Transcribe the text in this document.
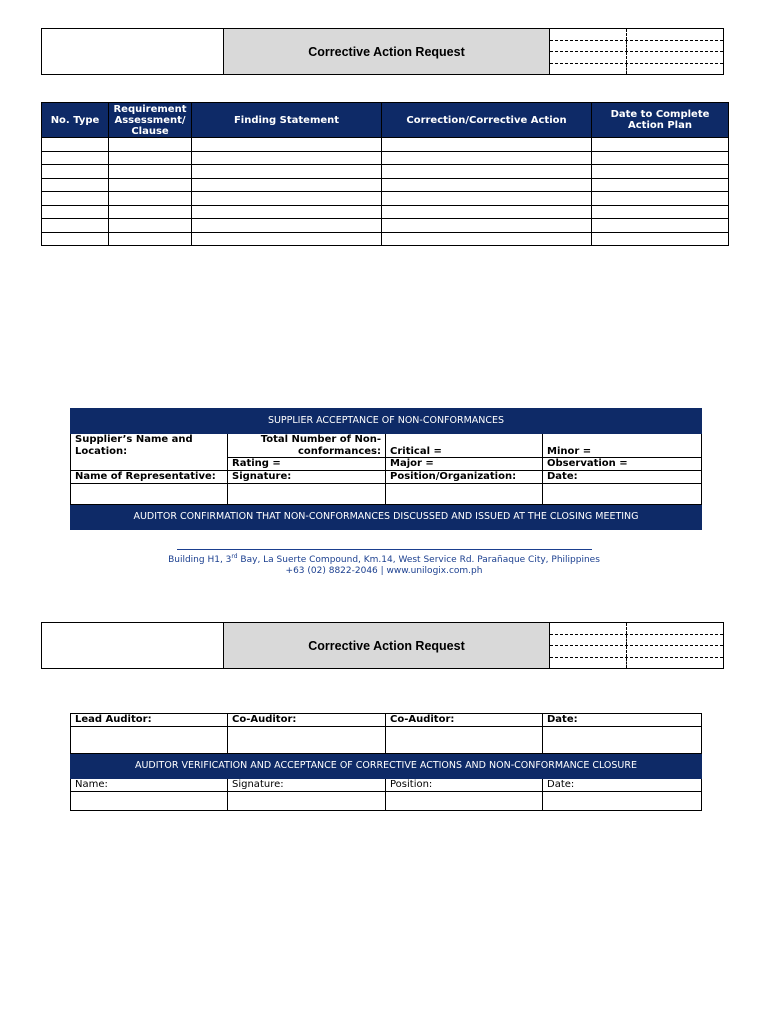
Corrective Action Request
No. Type	Requirement Assessment/ Clause	Finding Statement	Correction/Corrective Action	Date to Complete Action Plan

SUPPLIER ACCEPTANCE OF NON-CONFORMANCES			
Supplier’s Name and Location:	Total Number of Non-conformances:	Critical =	Minor =
	Rating =	Major =	Observation =
Name of Representative:	Signature:	Position/Organization:	Date:

AUDITOR CONFIRMATION THAT NON-CONFORMANCES DISCUSSED AND ISSUED AT THE CLOSING MEETING			
Building H1, 3rd Bay, La Suerte Compound, Km.14, West Service Rd. Parañaque City, Philippines
+63 (02) 8822-2046 | www.unilogix.com.ph
Corrective Action Request
Lead Auditor:	Co-Auditor:	Co-Auditor:	Date:

AUDITOR VERIFICATION AND ACCEPTANCE OF CORRECTIVE ACTIONS AND NON-CONFORMANCE CLOSURE			
Name:	Signature:	Position:	Date:
